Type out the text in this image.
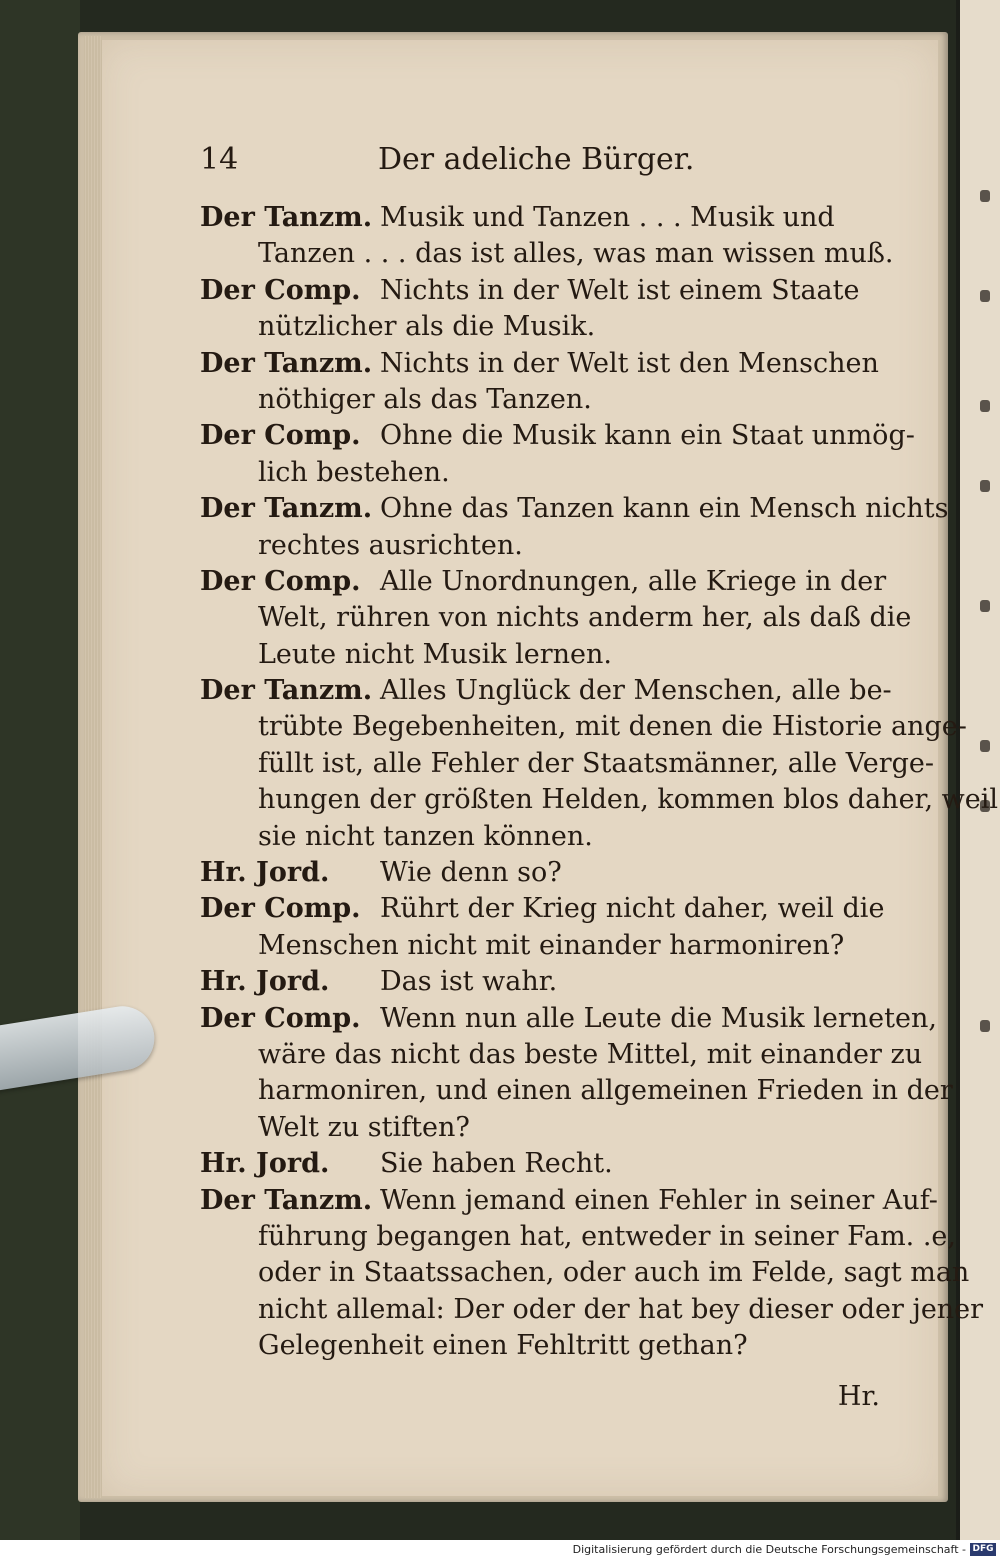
14	Der adeliche Bürger.
Der Tanzm. Musik und Tanzen . . . Musik und
Tanzen . . . das ist alles, was man wissen muß.
Der Comp. Nichts in der Welt ist einem Staate
nützlicher als die Musik.
Der Tanzm. Nichts in der Welt ist den Menschen
nöthiger als das Tanzen.
Der Comp. Ohne die Musik kann ein Staat unmög-
lich bestehen.
Der Tanzm. Ohne das Tanzen kann ein Mensch nichts
rechtes ausrichten.
Der Comp. Alle Unordnungen, alle Kriege in der
Welt, rühren von nichts anderm her, als daß die
Leute nicht Musik lernen.
Der Tanzm. Alles Unglück der Menschen, alle be-
trübte Begebenheiten, mit denen die Historie ange-
füllt ist, alle Fehler der Staatsmänner, alle Verge-
hungen der größten Helden, kommen blos daher, weil
sie nicht tanzen können.
Hr. Jord. Wie denn so?
Der Comp. Rührt der Krieg nicht daher, weil die
Menschen nicht mit einander harmoniren?
Hr. Jord. Das ist wahr.
Der Comp. Wenn nun alle Leute die Musik lerneten,
wäre das nicht das beste Mittel, mit einander zu
harmoniren, und einen allgemeinen Frieden in der
Welt zu stiften?
Hr. Jord. Sie haben Recht.
Der Tanzm. Wenn jemand einen Fehler in seiner Auf-
führung begangen hat, entweder in seiner Fam. .e,
oder in Staatssachen, oder auch im Felde, sagt man
nicht allemal: Der oder der hat bey dieser oder jener
Gelegenheit einen Fehltritt gethan?
Hr.
Digitalisierung gefördert durch die Deutsche Forschungsgemeinschaft - DFG
